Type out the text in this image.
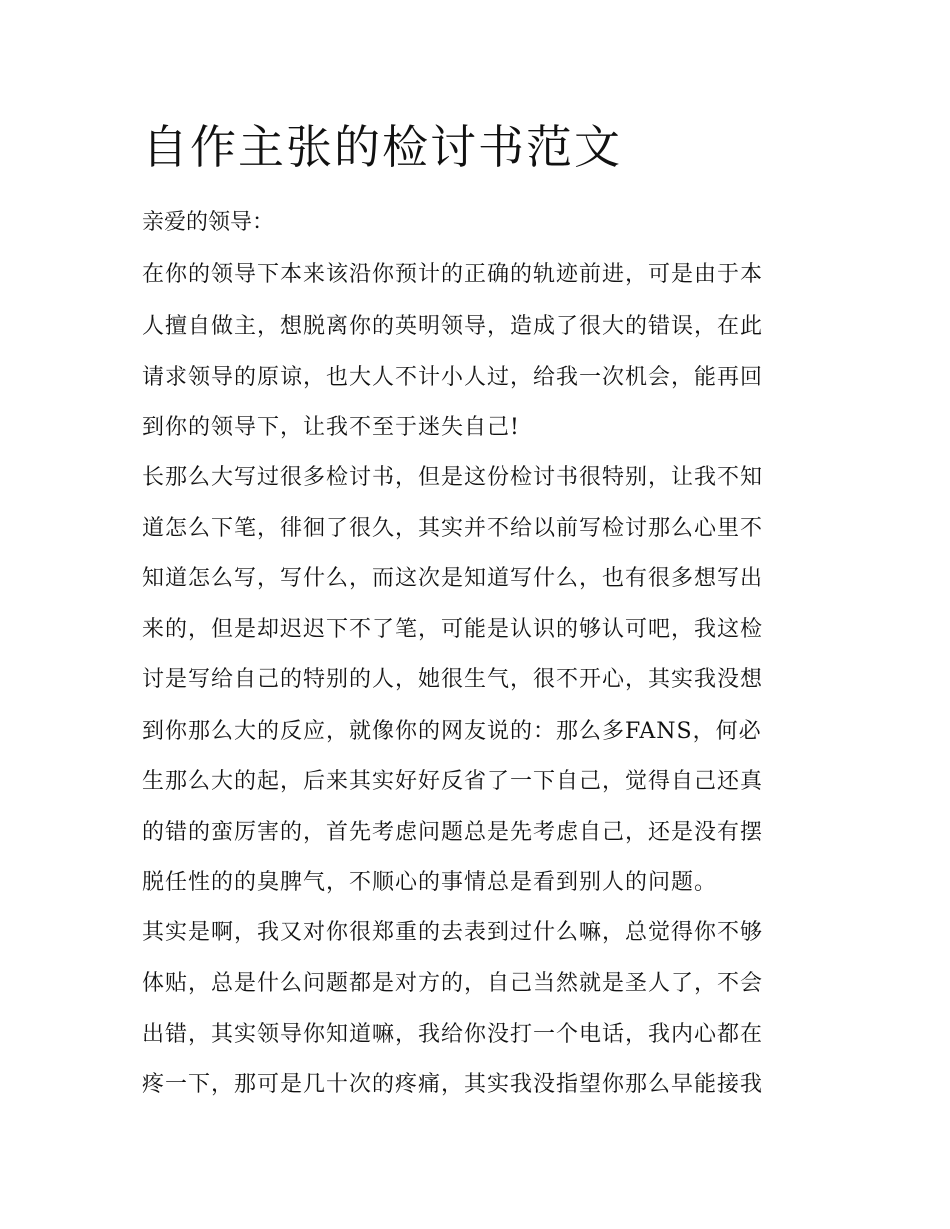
自作主张的检讨书范文
亲爱的领导：
在你的领导下本来该沿你预计的正确的轨迹前进，可是由于本
人擅自做主，想脱离你的英明领导，造成了很大的错误，在此
请求领导的原谅，也大人不计小人过，给我一次机会，能再回
到你的领导下，让我不至于迷失自己!
长那么大写过很多检讨书，但是这份检讨书很特别，让我不知
道怎么下笔，徘徊了很久，其实并不给以前写检讨那么心里不
知道怎么写，写什么，而这次是知道写什么，也有很多想写出
来的，但是却迟迟下不了笔，可能是认识的够认可吧，我这检
讨是写给自己的特别的人，她很生气，很不开心，其实我没想
到你那么大的反应，就像你的网友说的：那么多FANS，何必
生那么大的起，后来其实好好反省了一下自己，觉得自己还真
的错的蛮厉害的，首先考虑问题总是先考虑自己，还是没有摆
脱任性的的臭脾气，不顺心的事情总是看到别人的问题。
其实是啊，我又对你很郑重的去表到过什么嘛，总觉得你不够
体贴，总是什么问题都是对方的，自己当然就是圣人了，不会
出错，其实领导你知道嘛，我给你没打一个电话，我内心都在
疼一下，那可是几十次的疼痛，其实我没指望你那么早能接我
